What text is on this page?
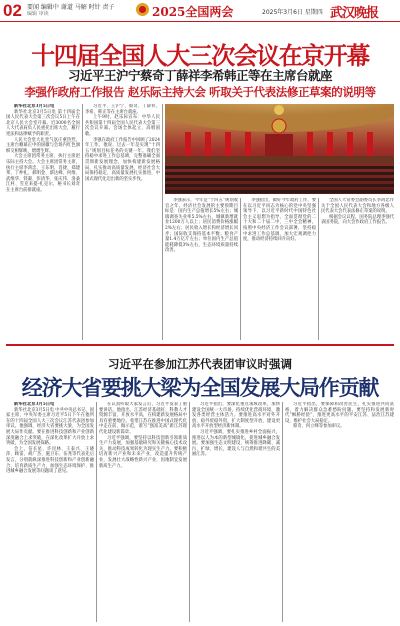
02 要闻 编辑中 谢道 马解 时针 责子
编辑 审读	2025全国两会	2025年3月6日 星期四 武汉晚报
十四届全国人大三次会议在京开幕
习近平王沪宁蔡奇丁薛祥李希韩正等在主席台就座
李强作政府工作报告 赵乐际主持大会 听取关于代表法修正草案的说明等

新华社北京3月5日电

新华社北京3月5日电 第十四届全国人民代表大会第三次会议5日上午在北京人民大会堂开幕。近3000名全国人大代表肩负人民重托出席大会，履行宪法和法律赋予的职责。

人民大会堂大礼堂气氛庄重热烈，主席台帷幕正中的国徽与会场内红色旗帜交相辉映，熠熠生辉。

大会主席团常务主席、执行主席赵乐际主持大会。大会主席团常务主席，执行主席李鸿忠、王东明、肖捷、郑建邦、丁仲礼、郝明金、蔡达峰、何维、武维华、铁凝、彭清华、张庆伟、洛桑江村、雪克来提·扎克尔，秘书长刘奇在主席台前排就座。

习近平、王沪宁、蔡奇、丁薛祥、李希、韩正等在主席台就座。

上午9时，赵乐际宣布：中华人民共和国第十四届全国人民代表大会第三次会议开幕。会场全体起立，高唱国歌。

李强在政府工作报告中回顾了2024年工作。他说，过去一年是实现“十四五”规划目标任务的关键一年。我们坚持稳中求进工作总基调，完整准确全面贯彻新发展理念，加快构建新发展格局，扎实推动高质量发展，经济社会大局保持稳定，高质量发展扎实推进，中国式现代化迈出新的坚实步伐。

李强表示，今年是“十四五”规划收官之年。经济社会发展的主要预期目标是：国内生产总值增长5%左右；城镇调查失业率5.5%左右，城镇新增就业1200万人以上；居民消费价格涨幅2%左右；居民收入增长和经济增长同步；国际收支保持基本平衡；粮食产量1.4万亿斤左右；单位国内生产总值能耗降低3%左右，生态环境质量持续改善。

李强指出，做好今年政府工作，要在以习近平同志为核心的党中央坚强领导下，以习近平新时代中国特色社会主义思想为指导，全面贯彻党的二十大和二十届二中、三中全会精神，按照中央经济工作会议部署，坚持稳中求进工作总基调，加大宏观调控力度，推动经济持续回升向好。

全国人大常委会副委员长李鸿忠作关于全国人民代表大会和地方各级人民代表大会代表法修正草案的说明。

根据会议议程，国务院总理李强代表国务院，向大会作政府工作报告。

习近平在参加江苏代表团审议时强调
经济大省要挑大梁为全国发展大局作贡献

新华社北京3月5日电

新华社北京3月5日电 中共中央总书记、国家主席、中央军委主席习近平5日下午在他所在的十四届全国人大三次会议江苏代表团参加审议。他强调，经济大省要挑大梁，为全国发展大局作贡献。要在推进科技创新和产业创新深度融合上求突破，在深化改革扩大开放上求突破，为全国发展探路。

会上，信长星、许昆林、王泰兴、王晓萍、顾雷、胡广杰、施卫东、伍尧等代表先后发言，分别就纵深推进科技创新和产业创新融合、培育新质生产力、加强生态环境保护、推进城乡融合发展等问题谈了意见。

在认真听取大家发言后，习近平发表了重要讲话。他指出，江苏经济基础好、科教人才资源丰富、开放水平高，在构建新发展格局中具有重要地位。希望江苏在推进中国式现代化中走在前、做示范，谱写“强富美高”新江苏现代化建设新篇章。

习近平强调，要坚持以科技创新引领新质生产力发展，加强基础研究和关键核心技术攻关，推动科技成果转化为现实生产力。要积极培育新兴产业和未来产业，改造提升传统产业，发展壮大战略性新兴产业，因地制宜发展新质生产力。

习近平指出，要深化重点领域改革，加快建设全国统一大市场，持续优化营商环境，激发各类经营主体活力。要推进高水平对外开放，稳外贸稳外资，扩大制度型开放，建设更高水平开放型经济新体制。

习近平强调，要扎实推进乡村全面振兴，推进以人为本的新型城镇化，促进城乡融合发展。要加强生态文明建设，统筹推进降碳、减污、扩绿、增长，建设人与自然和谐共生的美丽江苏。

习近平指出，要保障和改善民生，扎实推进共同富裕，着力解决群众急难愁盼问题。要坚持和发展新时代“枫桥经验”，推进更高水平的平安江苏、法治江苏建设，维护社会大局稳定。

蔡奇、何立峰等参加审议。
